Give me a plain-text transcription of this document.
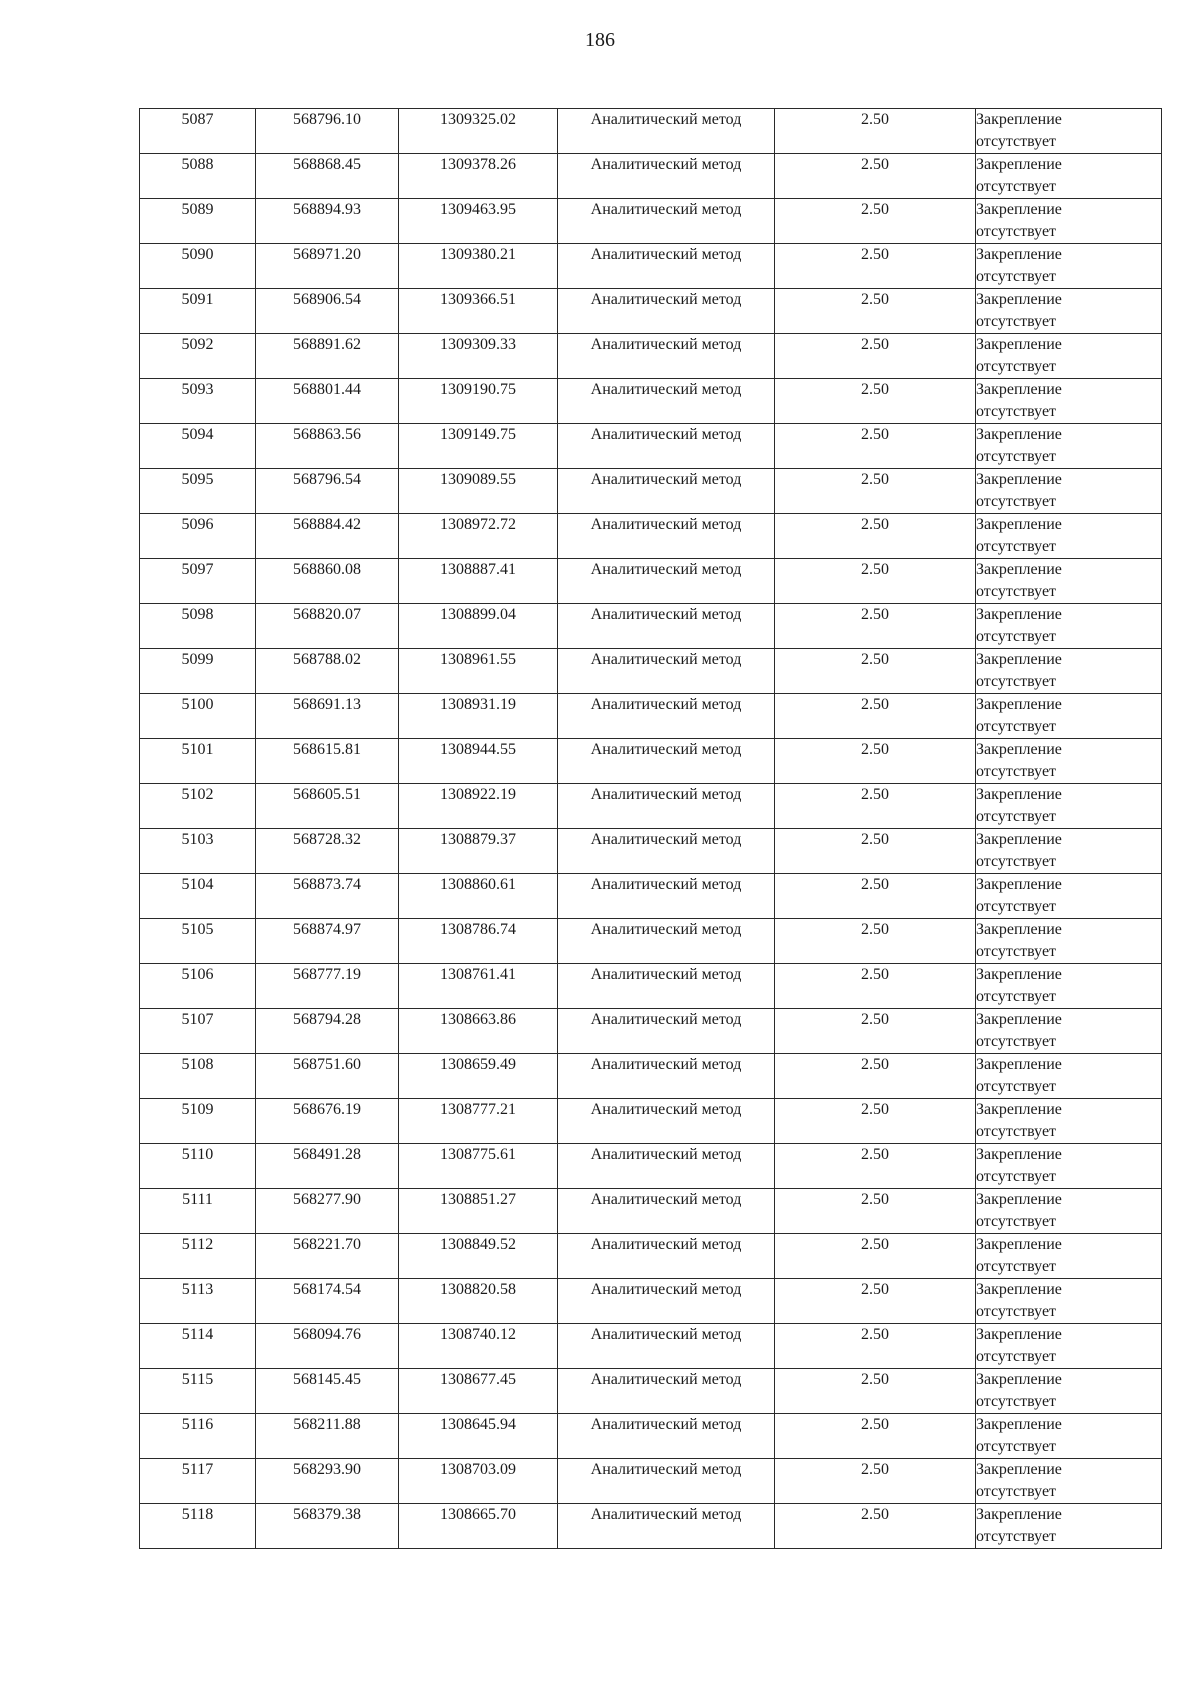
186
5087	568796.10	1309325.02	Аналитический метод	2.50	Закрепление
отсутствует

5088	568868.45	1309378.26	Аналитический метод	2.50	Закрепление
отсутствует

5089	568894.93	1309463.95	Аналитический метод	2.50	Закрепление
отсутствует

5090	568971.20	1309380.21	Аналитический метод	2.50	Закрепление
отсутствует

5091	568906.54	1309366.51	Аналитический метод	2.50	Закрепление
отсутствует

5092	568891.62	1309309.33	Аналитический метод	2.50	Закрепление
отсутствует

5093	568801.44	1309190.75	Аналитический метод	2.50	Закрепление
отсутствует

5094	568863.56	1309149.75	Аналитический метод	2.50	Закрепление
отсутствует

5095	568796.54	1309089.55	Аналитический метод	2.50	Закрепление
отсутствует

5096	568884.42	1308972.72	Аналитический метод	2.50	Закрепление
отсутствует

5097	568860.08	1308887.41	Аналитический метод	2.50	Закрепление
отсутствует

5098	568820.07	1308899.04	Аналитический метод	2.50	Закрепление
отсутствует

5099	568788.02	1308961.55	Аналитический метод	2.50	Закрепление
отсутствует

5100	568691.13	1308931.19	Аналитический метод	2.50	Закрепление
отсутствует

5101	568615.81	1308944.55	Аналитический метод	2.50	Закрепление
отсутствует

5102	568605.51	1308922.19	Аналитический метод	2.50	Закрепление
отсутствует

5103	568728.32	1308879.37	Аналитический метод	2.50	Закрепление
отсутствует

5104	568873.74	1308860.61	Аналитический метод	2.50	Закрепление
отсутствует

5105	568874.97	1308786.74	Аналитический метод	2.50	Закрепление
отсутствует

5106	568777.19	1308761.41	Аналитический метод	2.50	Закрепление
отсутствует

5107	568794.28	1308663.86	Аналитический метод	2.50	Закрепление
отсутствует

5108	568751.60	1308659.49	Аналитический метод	2.50	Закрепление
отсутствует

5109	568676.19	1308777.21	Аналитический метод	2.50	Закрепление
отсутствует

5110	568491.28	1308775.61	Аналитический метод	2.50	Закрепление
отсутствует

5111	568277.90	1308851.27	Аналитический метод	2.50	Закрепление
отсутствует

5112	568221.70	1308849.52	Аналитический метод	2.50	Закрепление
отсутствует

5113	568174.54	1308820.58	Аналитический метод	2.50	Закрепление
отсутствует

5114	568094.76	1308740.12	Аналитический метод	2.50	Закрепление
отсутствует

5115	568145.45	1308677.45	Аналитический метод	2.50	Закрепление
отсутствует

5116	568211.88	1308645.94	Аналитический метод	2.50	Закрепление
отсутствует

5117	568293.90	1308703.09	Аналитический метод	2.50	Закрепление
отсутствует

5118	568379.38	1308665.70	Аналитический метод	2.50	Закрепление
отсутствует
